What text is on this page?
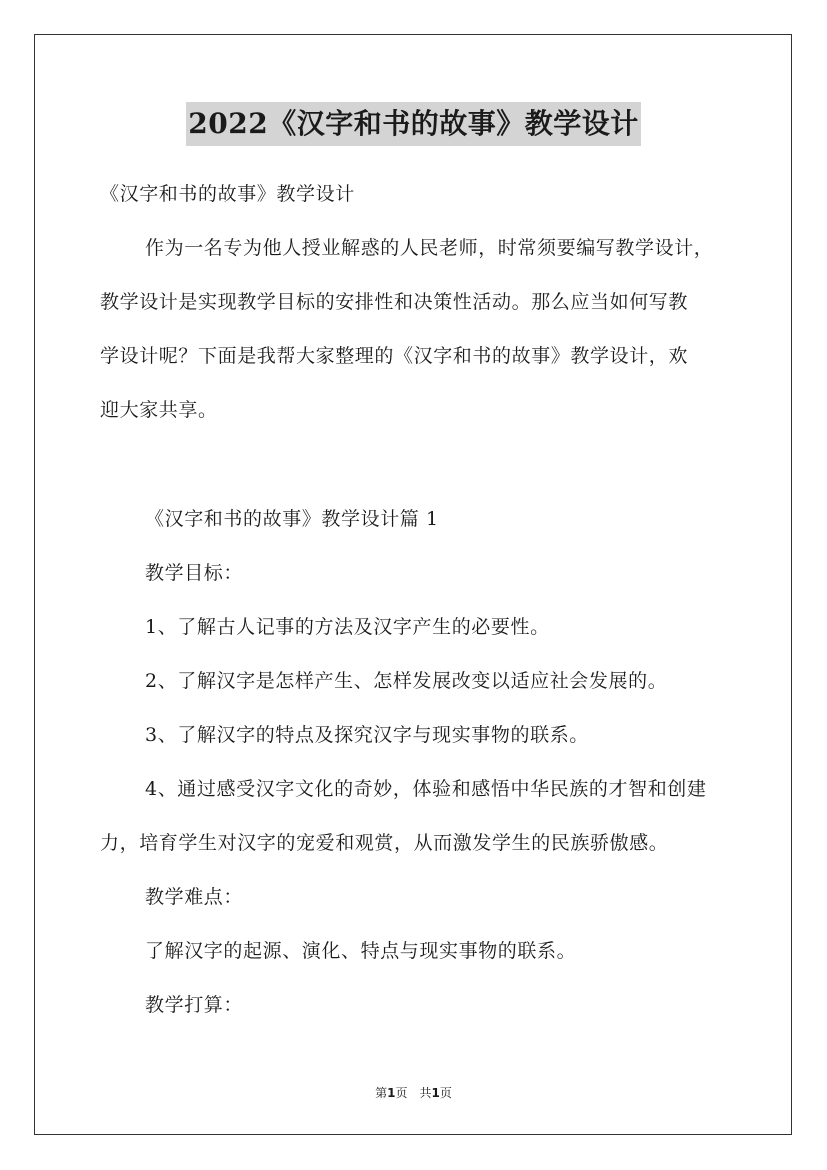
2022《汉字和书的故事》教学设计
《汉字和书的故事》教学设计
作为一名专为他人授业解惑的人民老师，时常须要编写教学设计，
教学设计是实现教学目标的安排性和决策性活动。那么应当如何写教
学设计呢？下面是我帮大家整理的《汉字和书的故事》教学设计，欢
迎大家共享。
《汉字和书的故事》教学设计篇 1
教学目标：
1、了解古人记事的方法及汉字产生的必要性。
2、了解汉字是怎样产生、怎样发展改变以适应社会发展的。
3、了解汉字的特点及探究汉字与现实事物的联系。
4、通过感受汉字文化的奇妙，体验和感悟中华民族的才智和创建
力，培育学生对汉字的宠爱和观赏，从而激发学生的民族骄傲感。
教学难点：
了解汉字的起源、演化、特点与现实事物的联系。
教学打算：
第1页　共1页
